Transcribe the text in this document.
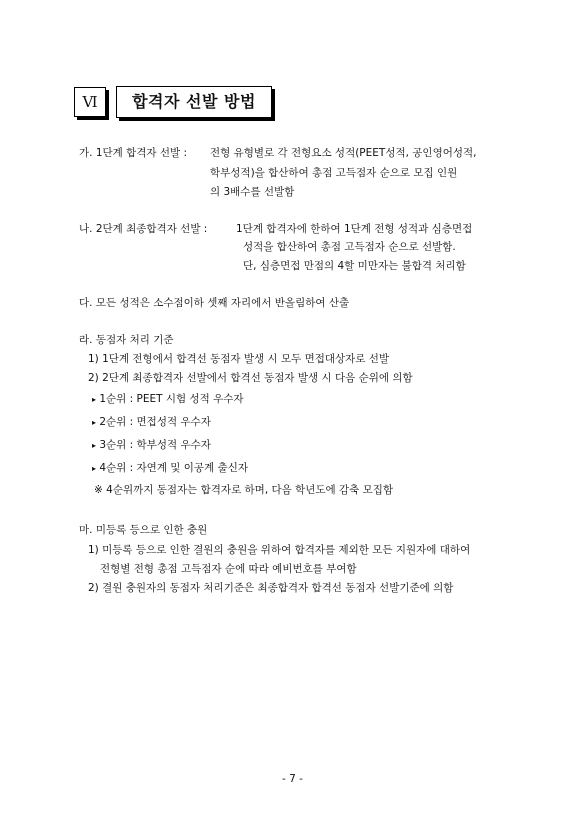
Ⅵ	합격자 선발 방법
가. 1단계 합격자 선발 : 전형 유형별로 각 전형요소 성적(PEET성적, 공인영어성적,
학부성적)을 합산하여 총점 고득점자 순으로 모집 인원
의 3배수를 선발함
나. 2단계 최종합격자 선발 :	1단계 합격자에 한하여 1단계 전형 성적과 심층면접
성적을 합산하여 총점 고득점자 순으로 선발함.
단, 심층면접 만점의 4할 미만자는 불합격 처리함
다. 모든 성적은 소수점이하 셋째 자리에서 반올림하여 산출
라. 동점자 처리 기준
1) 1단계 전형에서 합격선 동점자 발생 시 모두 면접대상자로 선발
2) 2단계 최종합격자 선발에서 합격선 동점자 발생 시 다음 순위에 의함
▸ 1순위 : PEET 시험 성적 우수자
▸ 2순위 : 면접성적 우수자
▸ 3순위 : 학부성적 우수자
▸ 4순위 : 자연계 및 이공계 출신자
※ 4순위까지 동점자는 합격자로 하며, 다음 학년도에 감축 모집함
마. 미등록 등으로 인한 충원
1) 미등록 등으로 인한 결원의 충원을 위하여 합격자를 제외한 모든 지원자에 대하여
전형별 전형 총점 고득점자 순에 따라 예비번호를 부여함
2) 결원 충원자의 동점자 처리기준은 최종합격자 합격선 동점자 선발기준에 의함
- 7 -
